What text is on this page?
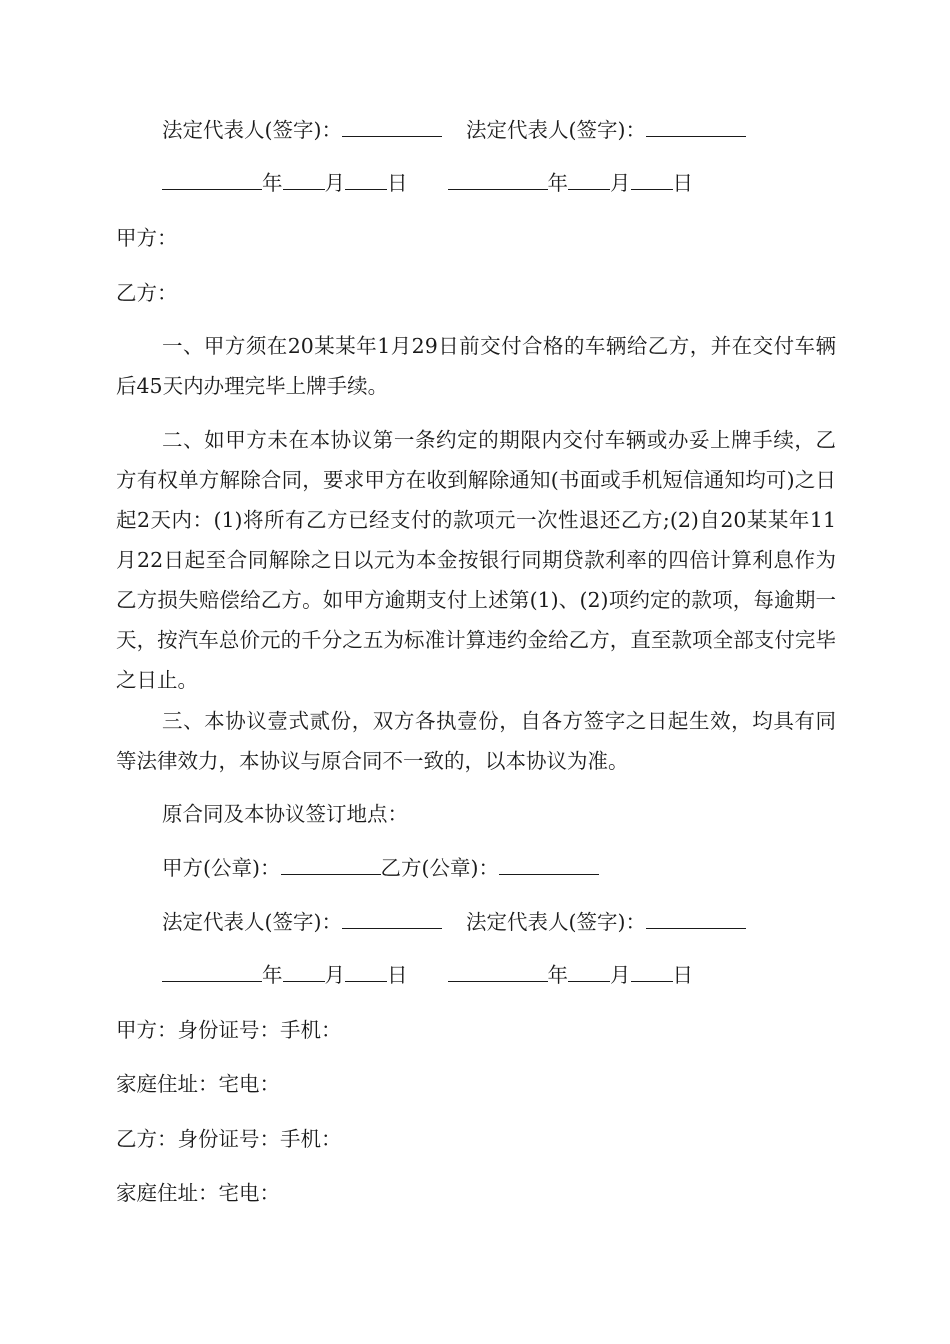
法定代表人(签字)：	法定代表人(签字)：
年 月 日	年 月 日
甲方：
乙方：
一、甲方须在20某某年1月29日前交付合格的车辆给乙方，并在交付车辆后45天内办理完毕上牌手续。
二、如甲方未在本协议第一条约定的期限内交付车辆或办妥上牌手续，乙方有权单方解除合同，要求甲方在收到解除通知(书面或手机短信通知均可)之日起2天内：(1)将所有乙方已经支付的款项元一次性退还乙方;(2)自20某某年11月22日起至合同解除之日以元为本金按银行同期贷款利率的四倍计算利息作为乙方损失赔偿给乙方。如甲方逾期支付上述第(1)、(2)项约定的款项，每逾期一天，按汽车总价元的千分之五为标准计算违约金给乙方，直至款项全部支付完毕之日止。
三、本协议壹式贰份，双方各执壹份，自各方签字之日起生效，均具有同等法律效力，本协议与原合同不一致的，以本协议为准。
原合同及本协议签订地点：
甲方(公章)：	乙方(公章)：
法定代表人(签字)：	法定代表人(签字)：
年 月 日	年 月 日
甲方：身份证号：手机：
家庭住址：宅电：
乙方：身份证号：手机：
家庭住址：宅电：
